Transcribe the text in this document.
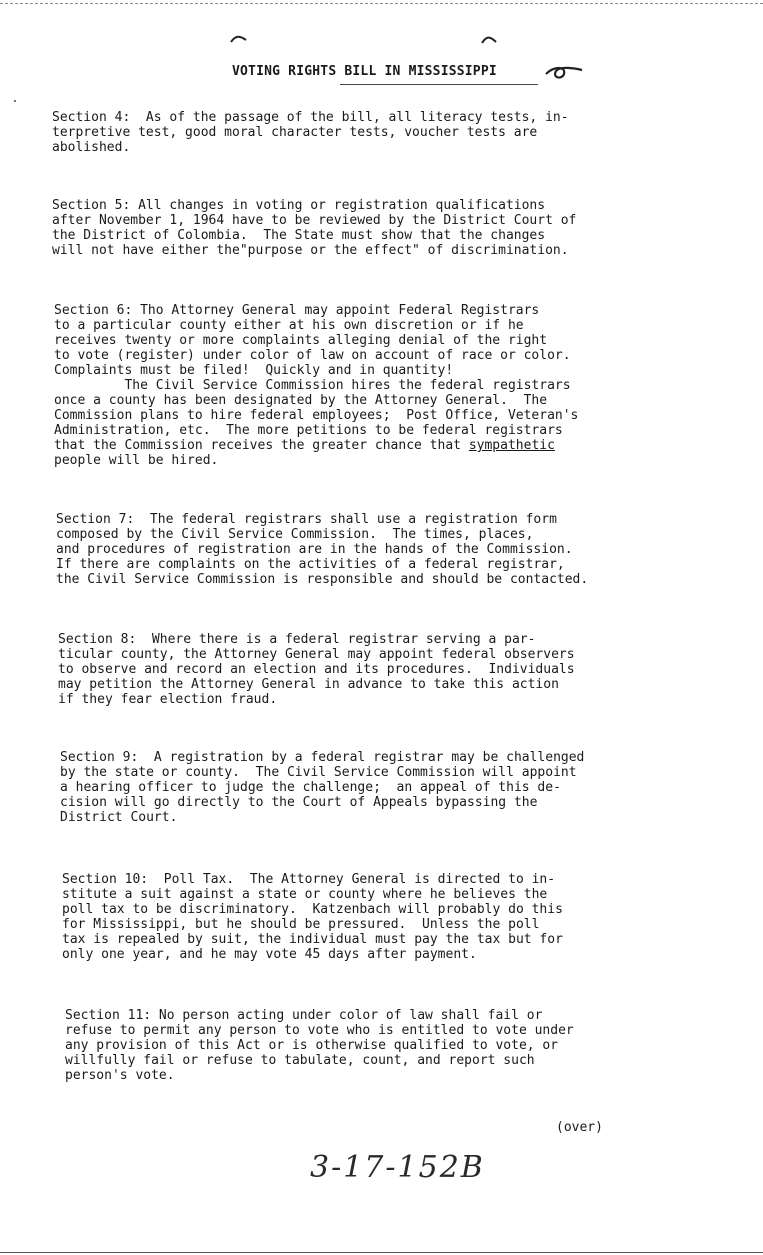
VOTING RIGHTS BILL IN MISSISSIPPI
Section 4:  As of the passage of the bill, all literacy tests, in-
terpretive test, good moral character tests, voucher tests are
abolished.
Section 5: All changes in voting or registration qualifications
after November 1, 1964 have to be reviewed by the District Court of
the District of Colombia.  The State must show that the changes
will not have either the"purpose or the effect" of discrimination.
Section 6: Tho Attorney General may appoint Federal Registrars
to a particular county either at his own discretion or if he
receives twenty or more complaints alleging denial of the right
to vote (register) under color of law on account of race or color.
Complaints must be filed!  Quickly and in quantity!
The Civil Service Commission hires the federal registrars
once a county has been designated by the Attorney General.  The
Commission plans to hire federal employees;  Post Office, Veteran's
Administration, etc.  The more petitions to be federal registrars
that the Commission receives the greater chance that sympathetic
people will be hired.
Section 7:  The federal registrars shall use a registration form
composed by the Civil Service Commission.  The times, places,
and procedures of registration are in the hands of the Commission.
If there are complaints on the activities of a federal registrar,
the Civil Service Commission is responsible and should be contacted.
Section 8:  Where there is a federal registrar serving a par-
ticular county, the Attorney General may appoint federal observers
to observe and record an election and its procedures.  Individuals
may petition the Attorney General in advance to take this action
if they fear election fraud.
Section 9:  A registration by a federal registrar may be challenged
by the state or county.  The Civil Service Commission will appoint
a hearing officer to judge the challenge;  an appeal of this de-
cision will go directly to the Court of Appeals bypassing the
District Court.
Section 10:  Poll Tax.  The Attorney General is directed to in-
stitute a suit against a state or county where he believes the
poll tax to be discriminatory.  Katzenbach will probably do this
for Mississippi, but he should be pressured.  Unless the poll
tax is repealed by suit, the individual must pay the tax but for
only one year, and he may vote 45 days after payment.
Section 11: No person acting under color of law shall fail or
refuse to permit any person to vote who is entitled to vote under
any provision of this Act or is otherwise qualified to vote, or
willfully fail or refuse to tabulate, count, and report such
person's vote.
(over)
3-17-152B
